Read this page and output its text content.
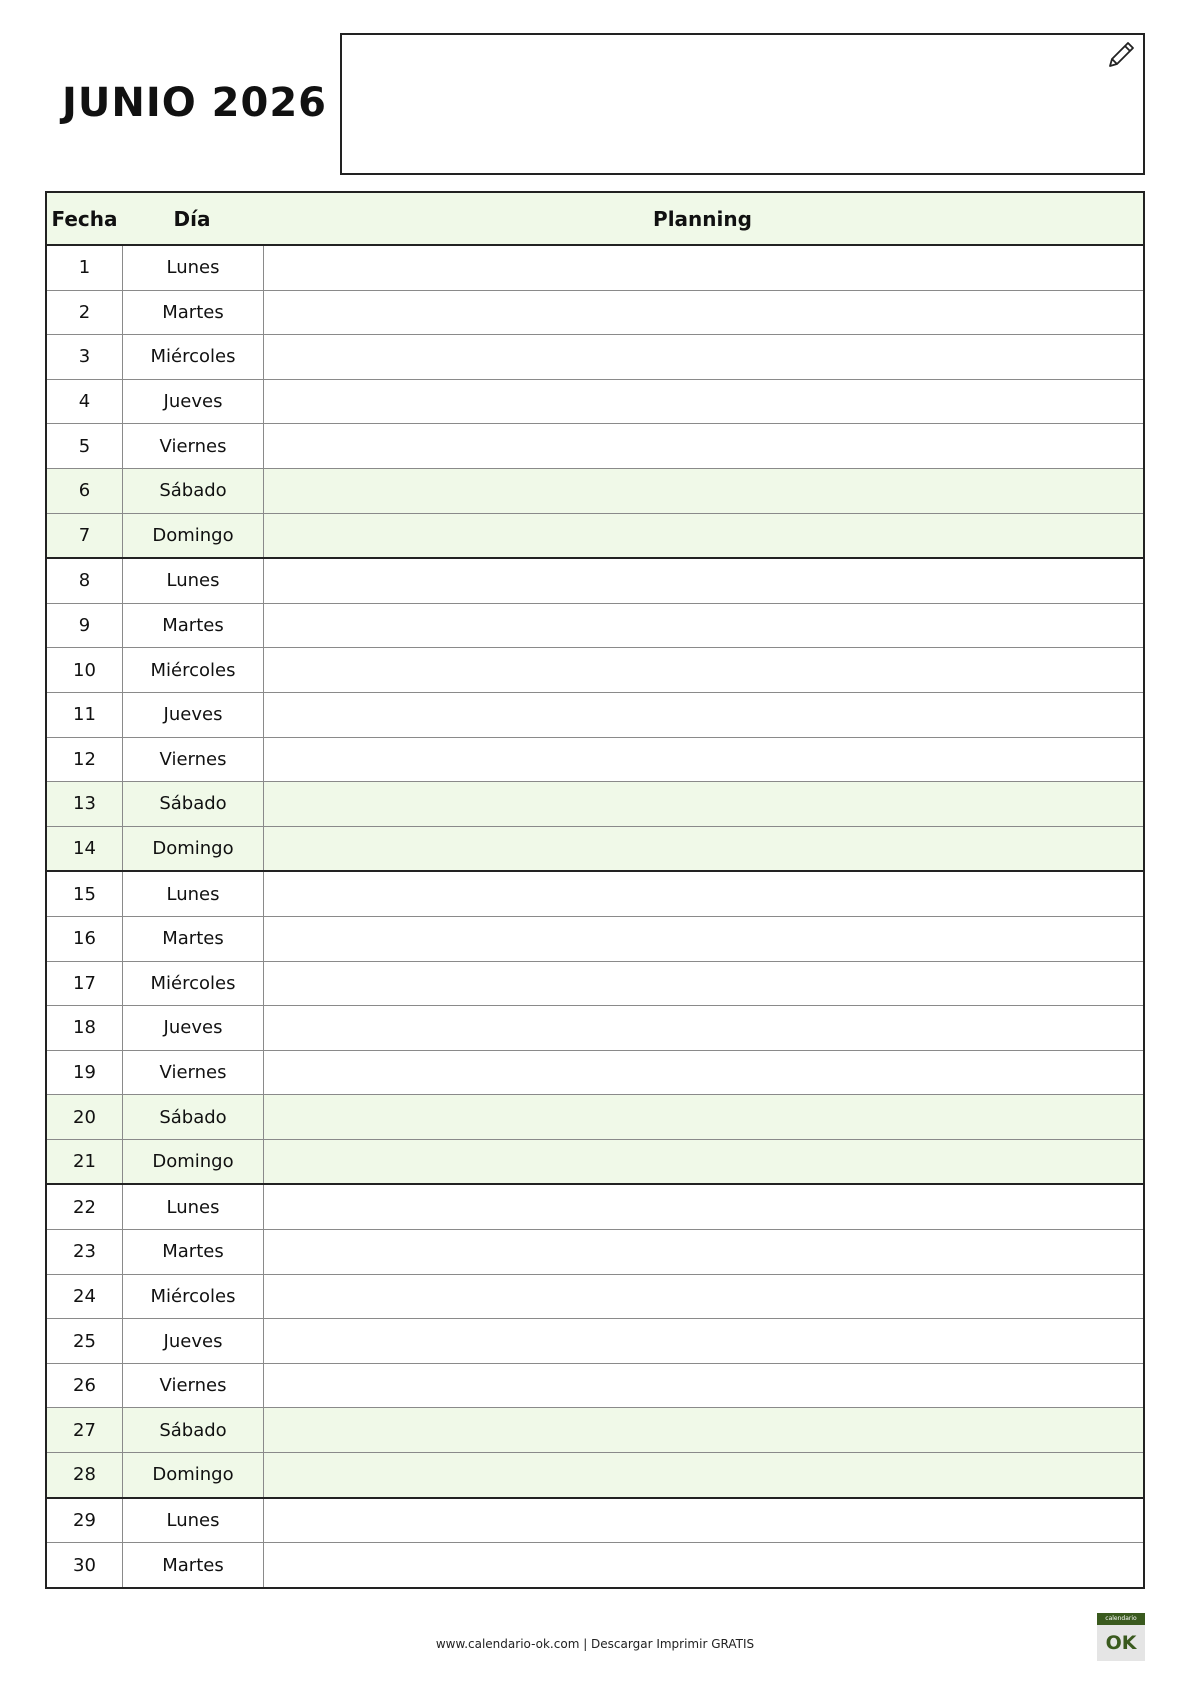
JUNIO 2026
Fecha	Día	Planning
1	Lunes
2	Martes
3	Miércoles
4	Jueves
5	Viernes
6	Sábado
7	Domingo
8	Lunes
9	Martes
10	Miércoles
11	Jueves
12	Viernes
13	Sábado
14	Domingo
15	Lunes
16	Martes
17	Miércoles
18	Jueves
19	Viernes
20	Sábado
21	Domingo
22	Lunes
23	Martes
24	Miércoles
25	Jueves
26	Viernes
27	Sábado
28	Domingo
29	Lunes
30	Martes
www.calendario-ok.com | Descargar Imprimir GRATIS
calendario
OK
